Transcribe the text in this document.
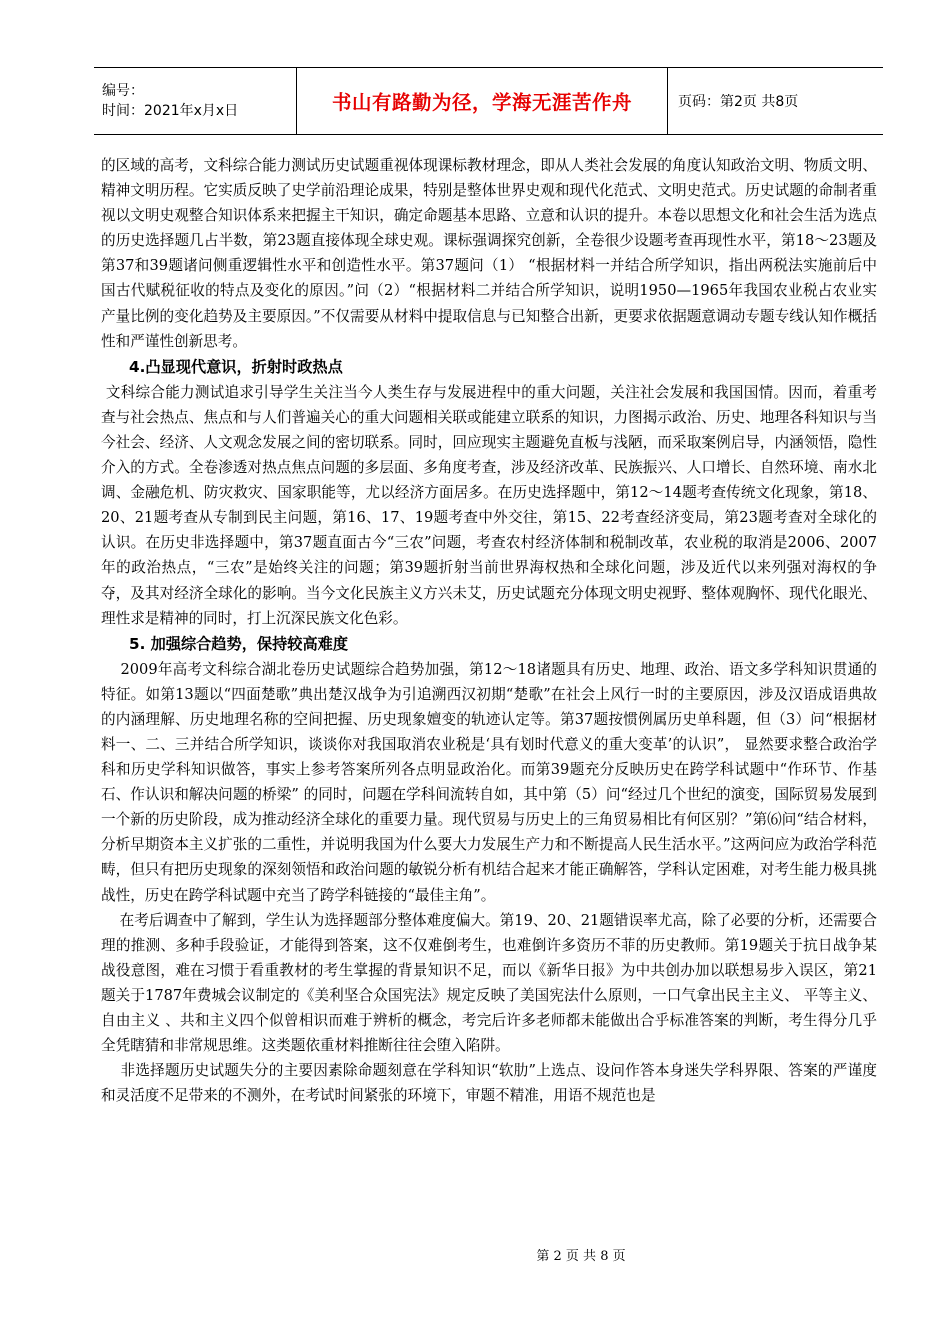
编号：
时间：2021年x月x日	书山有路勤为径，学海无涯苦作舟	页码：第2页 共8页

的区域的高考，文科综合能力测试历史试题重视体现课标教材理念，即从人类社会发展的角度认知政治文明、物质文明、精神文明历程。它实质反映了史学前沿理论成果，特别是整体世界史观和现代化范式、文明史范式。历史试题的命制者重视以文明史观整合知识体系来把握主干知识，确定命题基本思路、立意和认识的提升。本卷以思想文化和社会生活为选点的历史选择题几占半数，第23题直接体现全球史观。课标强调探究创新，全卷很少设题考查再现性水平，第18～23题及第37和39题诸问侧重逻辑性水平和创造性水平。第37题问（1） “根据材料一并结合所学知识，指出两税法实施前后中国古代赋税征收的特点及变化的原因。”问（2）“根据材料二并结合所学知识，说明1950—1965年我国农业税占农业实产量比例的变化趋势及主要原因。”不仅需要从材料中提取信息与已知整合出新，更要求依据题意调动专题专线认知作概括性和严谨性创新思考。

4.凸显现代意识，折射时政热点

文科综合能力测试追求引导学生关注当今人类生存与发展进程中的重大问题，关注社会发展和我国国情。因而，着重考查与社会热点、焦点和与人们普遍关心的重大问题相关联或能建立联系的知识，力图揭示政治、历史、地理各科知识与当今社会、经济、人文观念发展之间的密切联系。同时，回应现实主题避免直板与浅陋，而采取案例启导，内涵领悟，隐性介入的方式。全卷渗透对热点焦点问题的多层面、多角度考查，涉及经济改革、民族振兴、人口增长、自然环境、南水北调、金融危机、防灾救灾、国家职能等，尤以经济方面居多。在历史选择题中，第12～14题考查传统文化现象，第18、20、21题考查从专制到民主问题，第16、17、19题考查中外交往，第15、22考查经济变局，第23题考查对全球化的认识。在历史非选择题中，第37题直面古今“三农”问题，考查农村经济体制和税制改革，农业税的取消是2006、2007年的政治热点，“三农”是始终关注的问题；第39题折射当前世界海权热和全球化问题，涉及近代以来列强对海权的争夺，及其对经济全球化的影响。当今文化民族主义方兴未艾，历史试题充分体现文明史视野、整体观胸怀、现代化眼光、理性求是精神的同时，打上沉深民族文化色彩。

5. 加强综合趋势，保持较高难度

2009年高考文科综合湖北卷历史试题综合趋势加强，第12～18诸题具有历史、地理、政治、语文多学科知识贯通的特征。如第13题以“四面楚歌”典出楚汉战争为引追溯西汉初期“楚歌”在社会上风行一时的主要原因，涉及汉语成语典故的内涵理解、历史地理名称的空间把握、历史现象嬗变的轨迹认定等。第37题按惯例属历史单科题，但（3）问“根据材料一、二、三并结合所学知识，谈谈你对我国取消农业税是‘具有划时代意义的重大变革’的认识”， 显然要求整合政治学科和历史学科知识做答，事实上参考答案所列各点明显政治化。而第39题充分反映历史在跨学科试题中“作环节、作基石、作认识和解决问题的桥梁” 的同时，问题在学科间流转自如，其中第（5）问“经过几个世纪的演变，国际贸易发展到一个新的历史阶段，成为推动经济全球化的重要力量。现代贸易与历史上的三角贸易相比有何区别？”第⑹问“结合材料，分析早期资本主义扩张的二重性，并说明我国为什么要大力发展生产力和不断提高人民生活水平。”这两问应为政治学科范畴，但只有把历史现象的深刻领悟和政治问题的敏锐分析有机结合起来才能正确解答，学科认定困难，对考生能力极具挑战性，历史在跨学科试题中充当了跨学科链接的“最佳主角”。

在考后调查中了解到，学生认为选择题部分整体难度偏大。第19、20、21题错误率尤高，除了必要的分析，还需要合理的推测、多种手段验证，才能得到答案，这不仅难倒考生，也难倒许多资历不菲的历史教师。第19题关于抗日战争某战役意图，难在习惯于看重教材的考生掌握的背景知识不足，而以《新华日报》为中共创办加以联想易步入误区，第21题关于1787年费城会议制定的《美利坚合众国宪法》规定反映了美国宪法什么原则，一口气拿出民主主义、 平等主义、自由主义 、共和主义四个似曾相识而难于辨析的概念，考完后许多老师都未能做出合乎标准答案的判断，考生得分几乎全凭瞎猜和非常规思维。这类题依重材料推断往往会堕入陷阱。

非选择题历史试题失分的主要因素除命题刻意在学科知识“软肋”上选点、设问作答本身迷失学科界限、答案的严谨度和灵活度不足带来的不测外，在考试时间紧张的环境下，审题不精准，用语不规范也是

第 2 页 共 8 页
